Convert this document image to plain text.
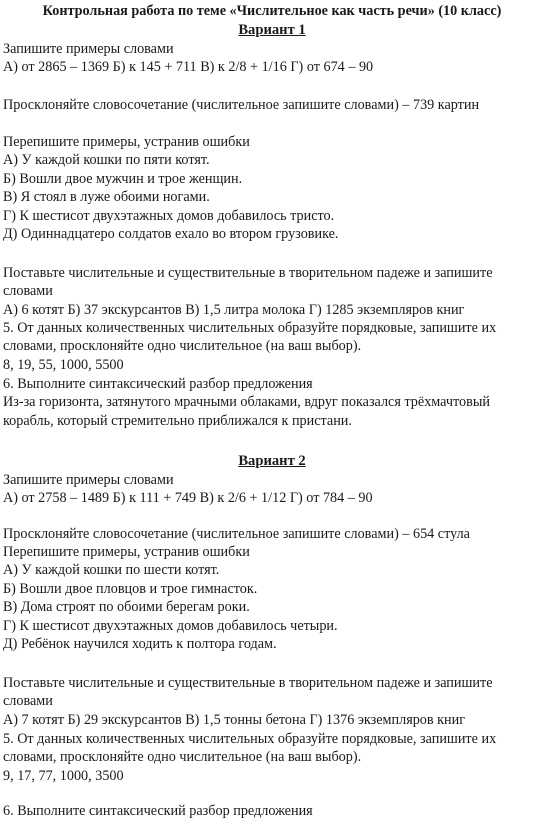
Контрольная работа по теме «Числительное как часть речи» (10 класс)
Вариант 1
Запишите примеры словами
А) от 2865 – 1369 Б) к 145 + 711 В) к 2/8 + 1/16 Г) от 674 – 90
Просклоняйте словосочетание (числительное запишите словами) – 739 картин
Перепишите примеры, устранив ошибки
А) У каждой кошки по пяти котят.
Б) Вошли двое мужчин и трое женщин.
В) Я стоял в луже обоими ногами.
Г) К шестисот двухэтажных домов добавилось тристо.
Д) Одиннадцатеро солдатов ехало во втором грузовике.
Поставьте числительные и существительные в творительном падеже и запишите словами
А) 6 котят Б) 37 экскурсантов В) 1,5 литра молока Г) 1285 экземпляров книг
5. От данных количественных числительных образуйте порядковые, запишите их словами, просклоняйте одно числительное (на ваш выбор).
8, 19, 55, 1000, 5500
6. Выполните синтаксический разбор предложения
Из-за горизонта, затянутого мрачными облаками, вдруг показался трёхмачтовый корабль, который стремительно приближался к пристани.
Вариант 2
Запишите примеры словами
А) от 2758 – 1489 Б) к 111 + 749 В) к 2/6 + 1/12 Г) от 784 – 90
Просклоняйте словосочетание (числительное запишите словами) – 654 стула
Перепишите примеры, устранив ошибки
А) У каждой кошки по шести котят.
Б) Вошли двое пловцов и трое гимнасток.
В) Дома строят по обоими берегам роки.
Г) К шестисот двухэтажных домов добавилось четыри.
Д) Ребёнок научился ходить к полтора годам.
Поставьте числительные и существительные в творительном падеже и запишите словами
А) 7 котят Б) 29 экскурсантов В) 1,5 тонны бетона Г) 1376 экземпляров книг
5. От данных количественных числительных образуйте порядковые, запишите их словами, просклоняйте одно числительное (на ваш выбор).
9, 17, 77, 1000, 3500
6. Выполните синтаксический разбор предложения
